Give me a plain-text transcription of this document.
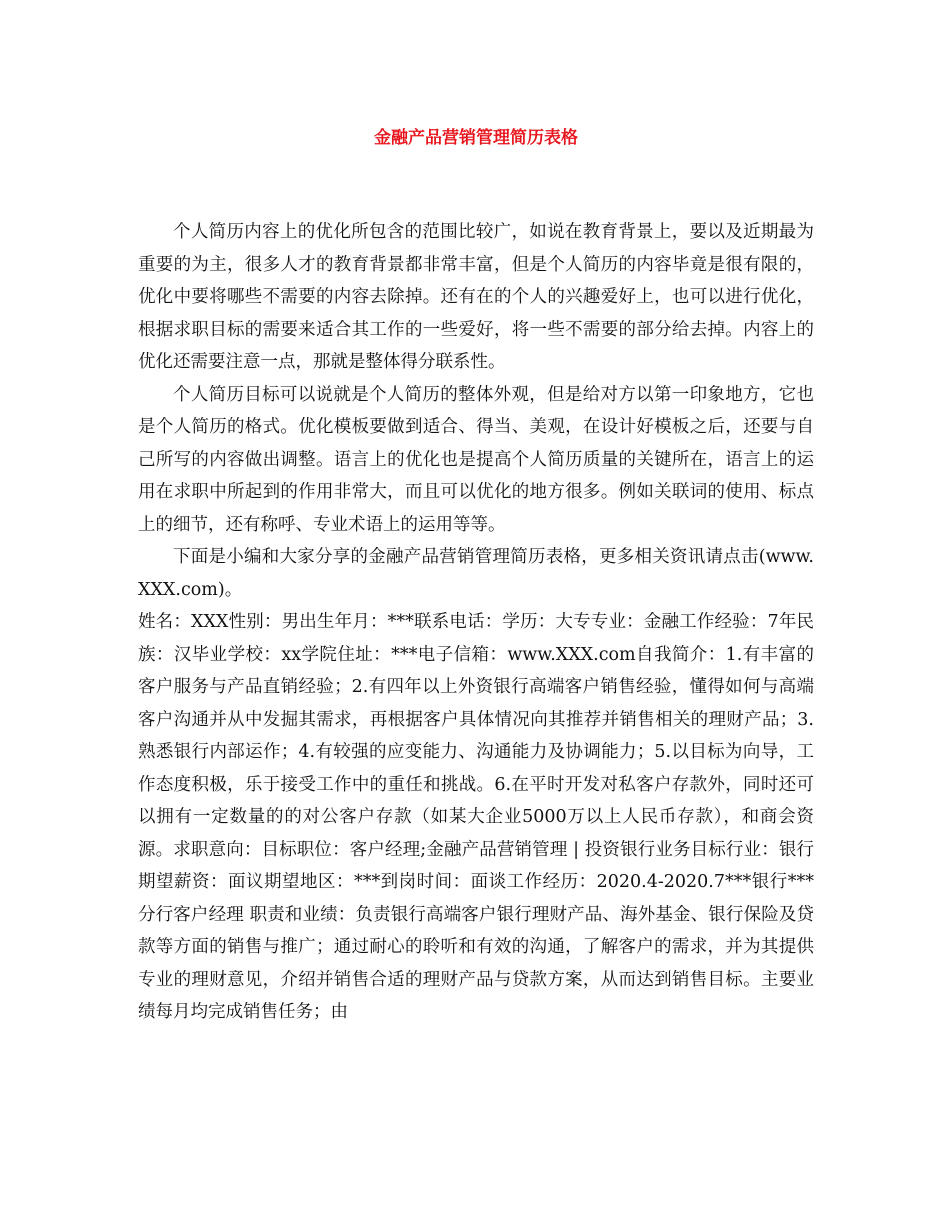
金融产品营销管理简历表格

个人简历内容上的优化所包含的范围比较广，如说在教育背景上，要以及近期最为重要的为主，很多人才的教育背景都非常丰富，但是个人简历的内容毕竟是很有限的，优化中要将哪些不需要的内容去除掉。还有在的个人的兴趣爱好上，也可以进行优化，根据求职目标的需要来适合其工作的一些爱好，将一些不需要的部分给去掉。内容上的优化还需要注意一点，那就是整体得分联系性。

个人简历目标可以说就是个人简历的整体外观，但是给对方以第一印象地方，它也是个人简历的格式。优化模板要做到适合、得当、美观，在设计好模板之后，还要与自己所写的内容做出调整。语言上的优化也是提高个人简历质量的关键所在，语言上的运用在求职中所起到的作用非常大，而且可以优化的地方很多。例如关联词的使用、标点上的细节，还有称呼、专业术语上的运用等等。

下面是小编和大家分享的金融产品营销管理简历表格，更多相关资讯请点击(www.XXX.com)。

姓名：XXX性别：男出生年月：***联系电话：学历：大专专业：金融工作经验：7年民族：汉毕业学校：xx学院住址：***电子信箱：www.XXX.com自我简介：1.有丰富的客户服务与产品直销经验；2.有四年以上外资银行高端客户销售经验，懂得如何与高端客户沟通并从中发掘其需求，再根据客户具体情况向其推荐并销售相关的理财产品；3.熟悉银行内部运作；4.有较强的应变能力、沟通能力及协调能力；5.以目标为向导，工作态度积极，乐于接受工作中的重任和挑战。6.在平时开发对私客户存款外，同时还可以拥有一定数量的的对公客户存款（如某大企业5000万以上人民币存款），和商会资源。求职意向：目标职位：客户经理;金融产品营销管理 | 投资银行业务目标行业：银行期望薪资：面议期望地区：***到岗时间：面谈工作经历：2020.4-2020.7***银行***分行客户经理 职责和业绩：负责银行高端客户银行理财产品、海外基金、银行保险及贷款等方面的销售与推广；通过耐心的聆听和有效的沟通，了解客户的需求，并为其提供专业的理财意见，介绍并销售合适的理财产品与贷款方案，从而达到销售目标。主要业绩每月均完成销售任务；由
